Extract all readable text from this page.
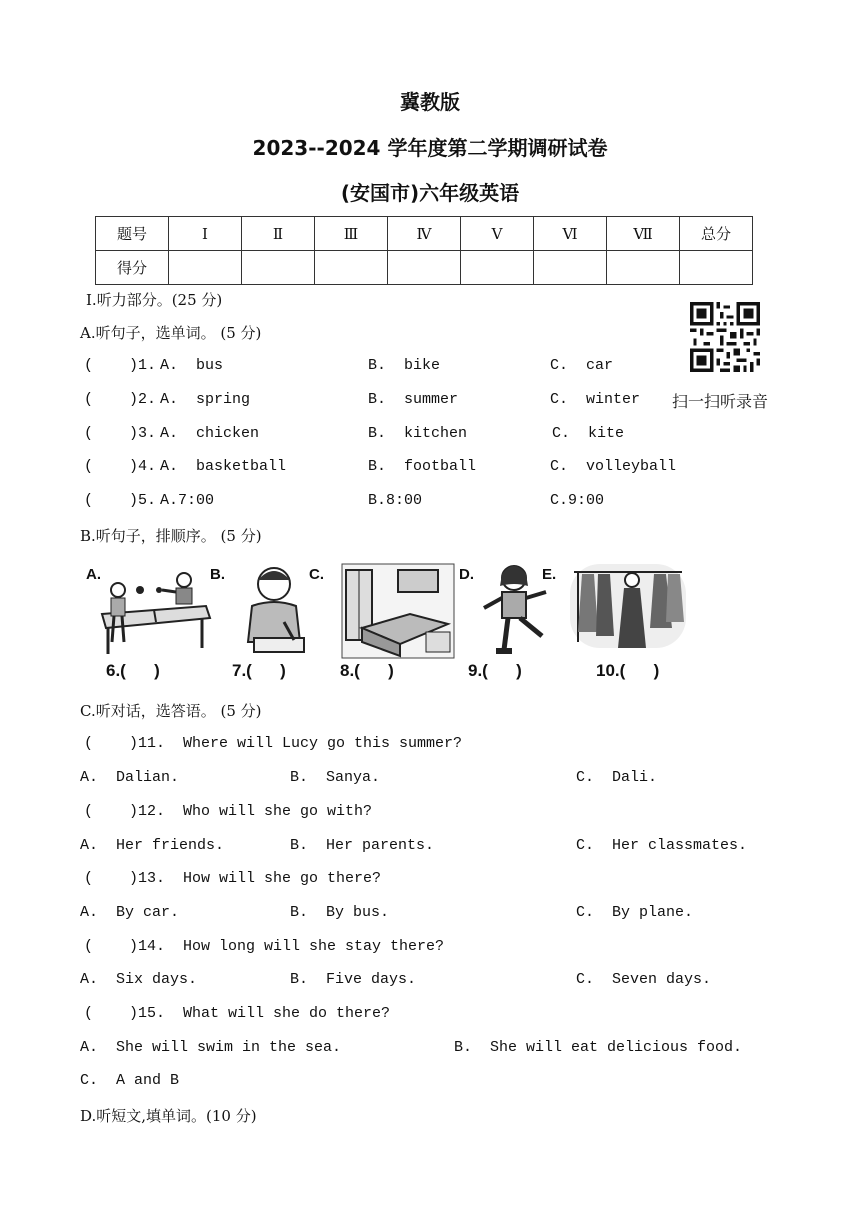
冀教版
2023--2024 学年度第二学期调研试卷
(安国市)六年级英语
题号	Ⅰ	Ⅱ	Ⅲ	Ⅳ	Ⅴ	Ⅵ	Ⅶ	总分
得分								
Ⅰ.听力部分。(25 分)
扫一扫听录音
A.听句子，选单词。 (5 分)
(    )1. A.  bus	B.  bike	C.  car
(    )2. A.  spring	B.  summer	C.  winter
(    )3. A.  chicken	B.  kitchen	C.  kite
(    )4. A.  basketball	B.  football	C.  volleyball
(    )5. A.7:00	B.8:00	C.9:00
B.听句子，排顺序。 (5 分)
A.
6.(      )
B.
7.(      )
C.
8.(      )
D.
9.(      )
E.
10.(      )
C.听对话，选答语。 (5 分)
(    )11.  Where will Lucy go this summer?
A.  Dalian.	B.  Sanya.	C.  Dali.
(    )12.  Who will she go with?
A.  Her friends.	B.  Her parents.	C.  Her classmates.
(    )13.  How will she go there?
A.  By car.	B.  By bus.	C.  By plane.
(    )14.  How long will she stay there?
A.  Six days.	B.  Five days.	C.  Seven days.
(    )15.  What will she do there?
A.  She will swim in the sea.	B.  She will eat delicious food.
C.  A and B
D.听短文,填单词。(10 分)
